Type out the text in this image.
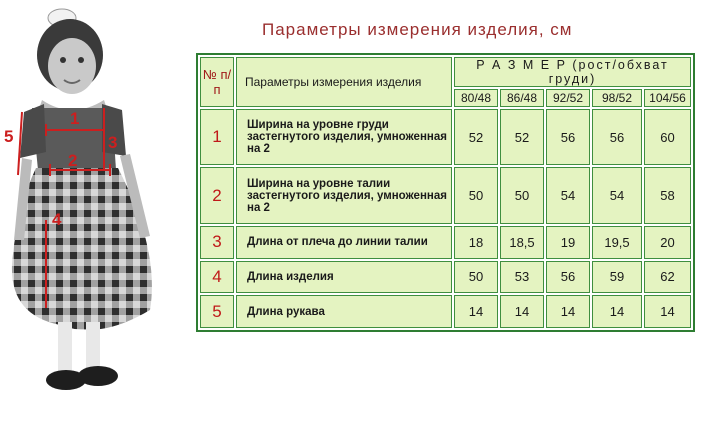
1
2
3
4
5
Параметры измерения изделия, см
№ п/п	Параметры измерения изделия	Р А З М Е Р (рост/обхват груди)				
		80/48	86/48	92/52	98/52	104/56
1	Ширина на уровне груди застегнутого изделия, умноженная на 2	52	52	56	56	60
2	Ширина на уровне талии застегнутого изделия, умноженная на 2	50	50	54	54	58
3	Длина от плеча до линии талии	18	18,5	19	19,5	20
4	Длина изделия	50	53	56	59	62
5	Длина рукава	14	14	14	14	14
